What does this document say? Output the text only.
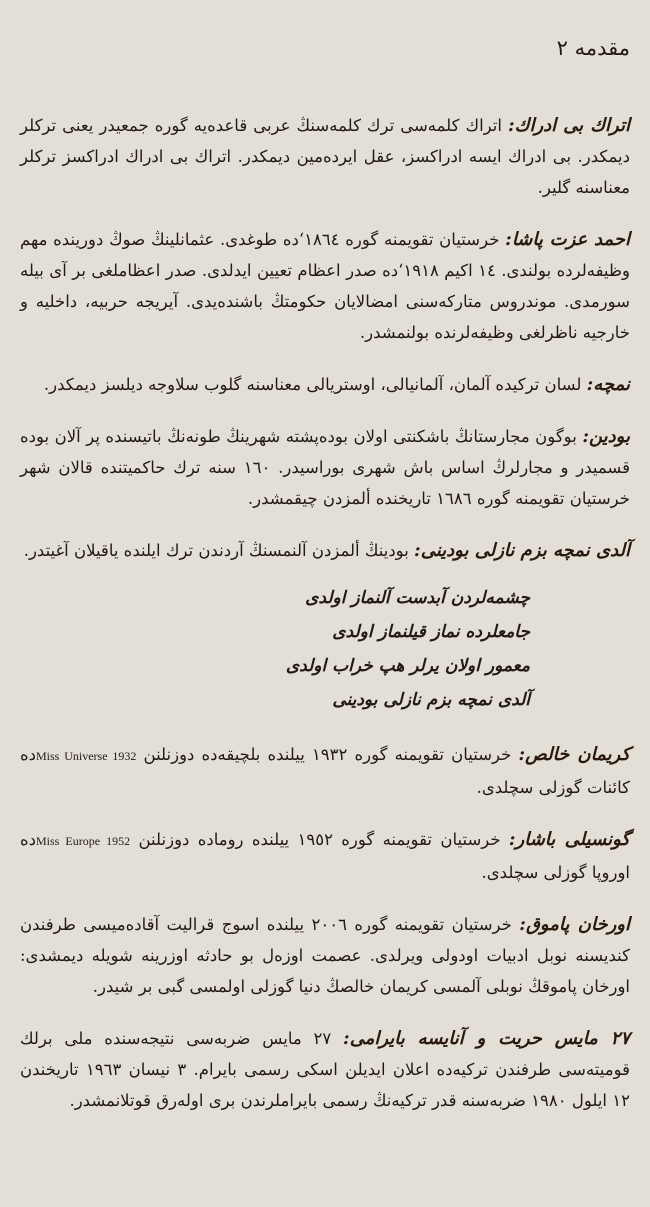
مقدمه ٢

اتراك بى ادراك: اتراك كلمەسى ترك كلمەسنڭ عربى قاعدەيە گورە جمعيدر يعنى تركلر ديمكدر. بى ادراك ايسە ادراكسز، عقل ايردەمين ديمكدر. اتراك بى ادراك ادراكسز تركلر معناسنە گلير.

احمد عزت پاشا: خرستيان تقويمنە گورە ١٨٦٤‘دە طوغدى. عثمانلينڭ صوڭ دورينده مهم وظيفەلردە بولندى. ١٤ اكيم ١٩١٨‘دە صدر اعظام تعيين ايدلدى. صدر اعظاملغى بر آى بيلە سورمدى. موندروس متاركەسنى امضالايان حكومتڭ باشندەيدى. آيريجە حربيە، داخليە و خارجيە ناظرلغى وظيفەلرندە بولنمشدر.

نمچه: لسان تركيدە آلمان، آلمانيالى، اوستريالى معناسنە گلوب سلاوجە ديلسز ديمكدر.

بودين: بوگون مجارستانڭ باشكنتى اولان بودەپشتە شهرينڭ طونەنڭ باتيسندە پر آلان بودە قسميدر و مجارلرڭ اساس باش شهرى بوراسيدر. ١٦٠ سنە ترك حاكميتندە قالان شهر خرستيان تقويمنە گورە ١٦٨٦ تاريخندە ألمزدن چيقمشدر.

آلدى نمچه بزم نازلى بودينى: بودينڭ ألمزدن آلنمسنڭ آردندن ترك ايلندە ياقيلان آغيتدر.

چشمەلردن آبدست آلنماز اولدى
جامعلردە نماز قيلنماز اولدى
معمور اولان يرلر هپ خراب اولدى
آلدى نمچه بزم نازلى بودينى

كريمان خالص: خرستيان تقويمنە گورە ١٩٣٢ ييلندە بلچيقەدە دوزنلنن Miss Universe 1932دە كائنات گوزلى سچلدى.

گونسيلى باشار: خرستيان تقويمنە گورە ١٩٥٢ ييلندە رومادە دوزنلنن Miss Europe 1952دە اوروپا گوزلى سچلدى.

اورخان پاموق: خرستيان تقويمنە گورە ٢٠٠٦ ييلندە اسوج قراليت آقادەميسى طرفندن كنديسنە نوبل ادبيات اودولى ويرلدى. عصمت اوزەل بو حادثە اوزرينە شويلە ديمشدى: اورخان پاموقڭ نوبلى آلمسى كريمان خالصڭ دنيا گوزلى اولمسى گبى بر شيدر.

٢٧ مايس حريت و آنايسە بايرامى: ٢٧ مايس ضربەسى نتيجەسندە ملى برلك قوميتەسى طرفندن تركيەدە اعلان ايديلن اسكى رسمى بايرام. ٣ نيسان ١٩٦٣ تاريخندن ١٢ ايلول ١٩٨٠ ضربەسنە قدر تركيەنڭ رسمى بايراملرندن برى اولەرق قوتلانمشدر.
